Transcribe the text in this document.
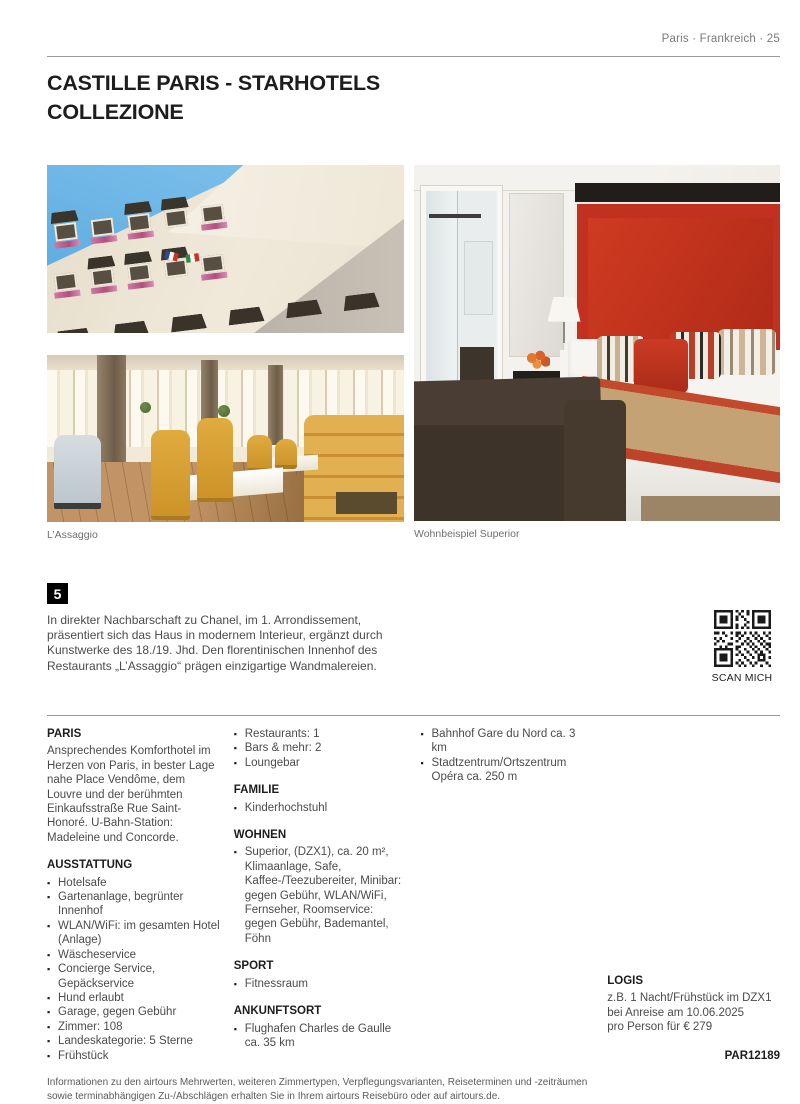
Paris · Frankreich · 25
CASTILLE PARIS - STARHOTELS COLLEZIONE
L’Assaggio	Wohnbeispiel Superior
5

In direkter Nachbarschaft zu Chanel, im 1. Arrondissement, präsentiert sich das Haus in modernem Interieur, ergänzt durch Kunstwerke des 18./19. Jhd. Den florentinischen Innenhof des Restaurants „L’Assaggio“ prägen einzigartige Wandmalereien.

SCAN MICH
PARIS

Ansprechendes Komforthotel im Herzen von Paris, in bester Lage nahe Place Vendôme, dem Louvre und der berühmten Einkaufsstraße Rue Saint-Honoré. U-Bahn-Station: Madeleine und Concorde.

AUSSTATTUNG
▪ Hotelsafe
▪ Gartenanlage, begrünter Innenhof
▪ WLAN/WiFi: im gesamten Hotel (Anlage)
▪ Wäscheservice
▪ Concierge Service, Gepäckservice
▪ Hund erlaubt
▪ Garage, gegen Gebühr
▪ Zimmer: 108
▪ Landeskategorie: 5 Sterne
▪ Frühstück
▪ Restaurants: 1
▪ Bars & mehr: 2
▪ Loungebar
FAMILIE
▪ Kinderhochstuhl
WOHNEN
▪ Superior, (DZX1), ca. 20 m², Klimaanlage, Safe, Kaffee-/Teezubereiter, Minibar: gegen Gebühr, WLAN/WiFi, Fernseher, Roomservice: gegen Gebühr, Bademantel, Föhn
SPORT
▪ Fitnessraum
ANKUNFTSORT
▪ Flughafen Charles de Gaulle ca. 35 km
▪ Bahnhof Gare du Nord ca. 3 km
▪ Stadtzentrum/Ortszentrum Opéra ca. 250 m
LOGIS
z.B. 1 Nacht/Frühstück im DZX1
bei Anreise am 10.06.2025
pro Person für € 279
PAR12189
Informationen zu den airtours Mehrwerten, weiteren Zimmertypen, Verpflegungsvarianten, Reiseterminen und -zeiträumen
sowie terminabhängigen Zu-/Abschlägen erhalten Sie in Ihrem airtours Reisebüro oder auf airtours.de.
